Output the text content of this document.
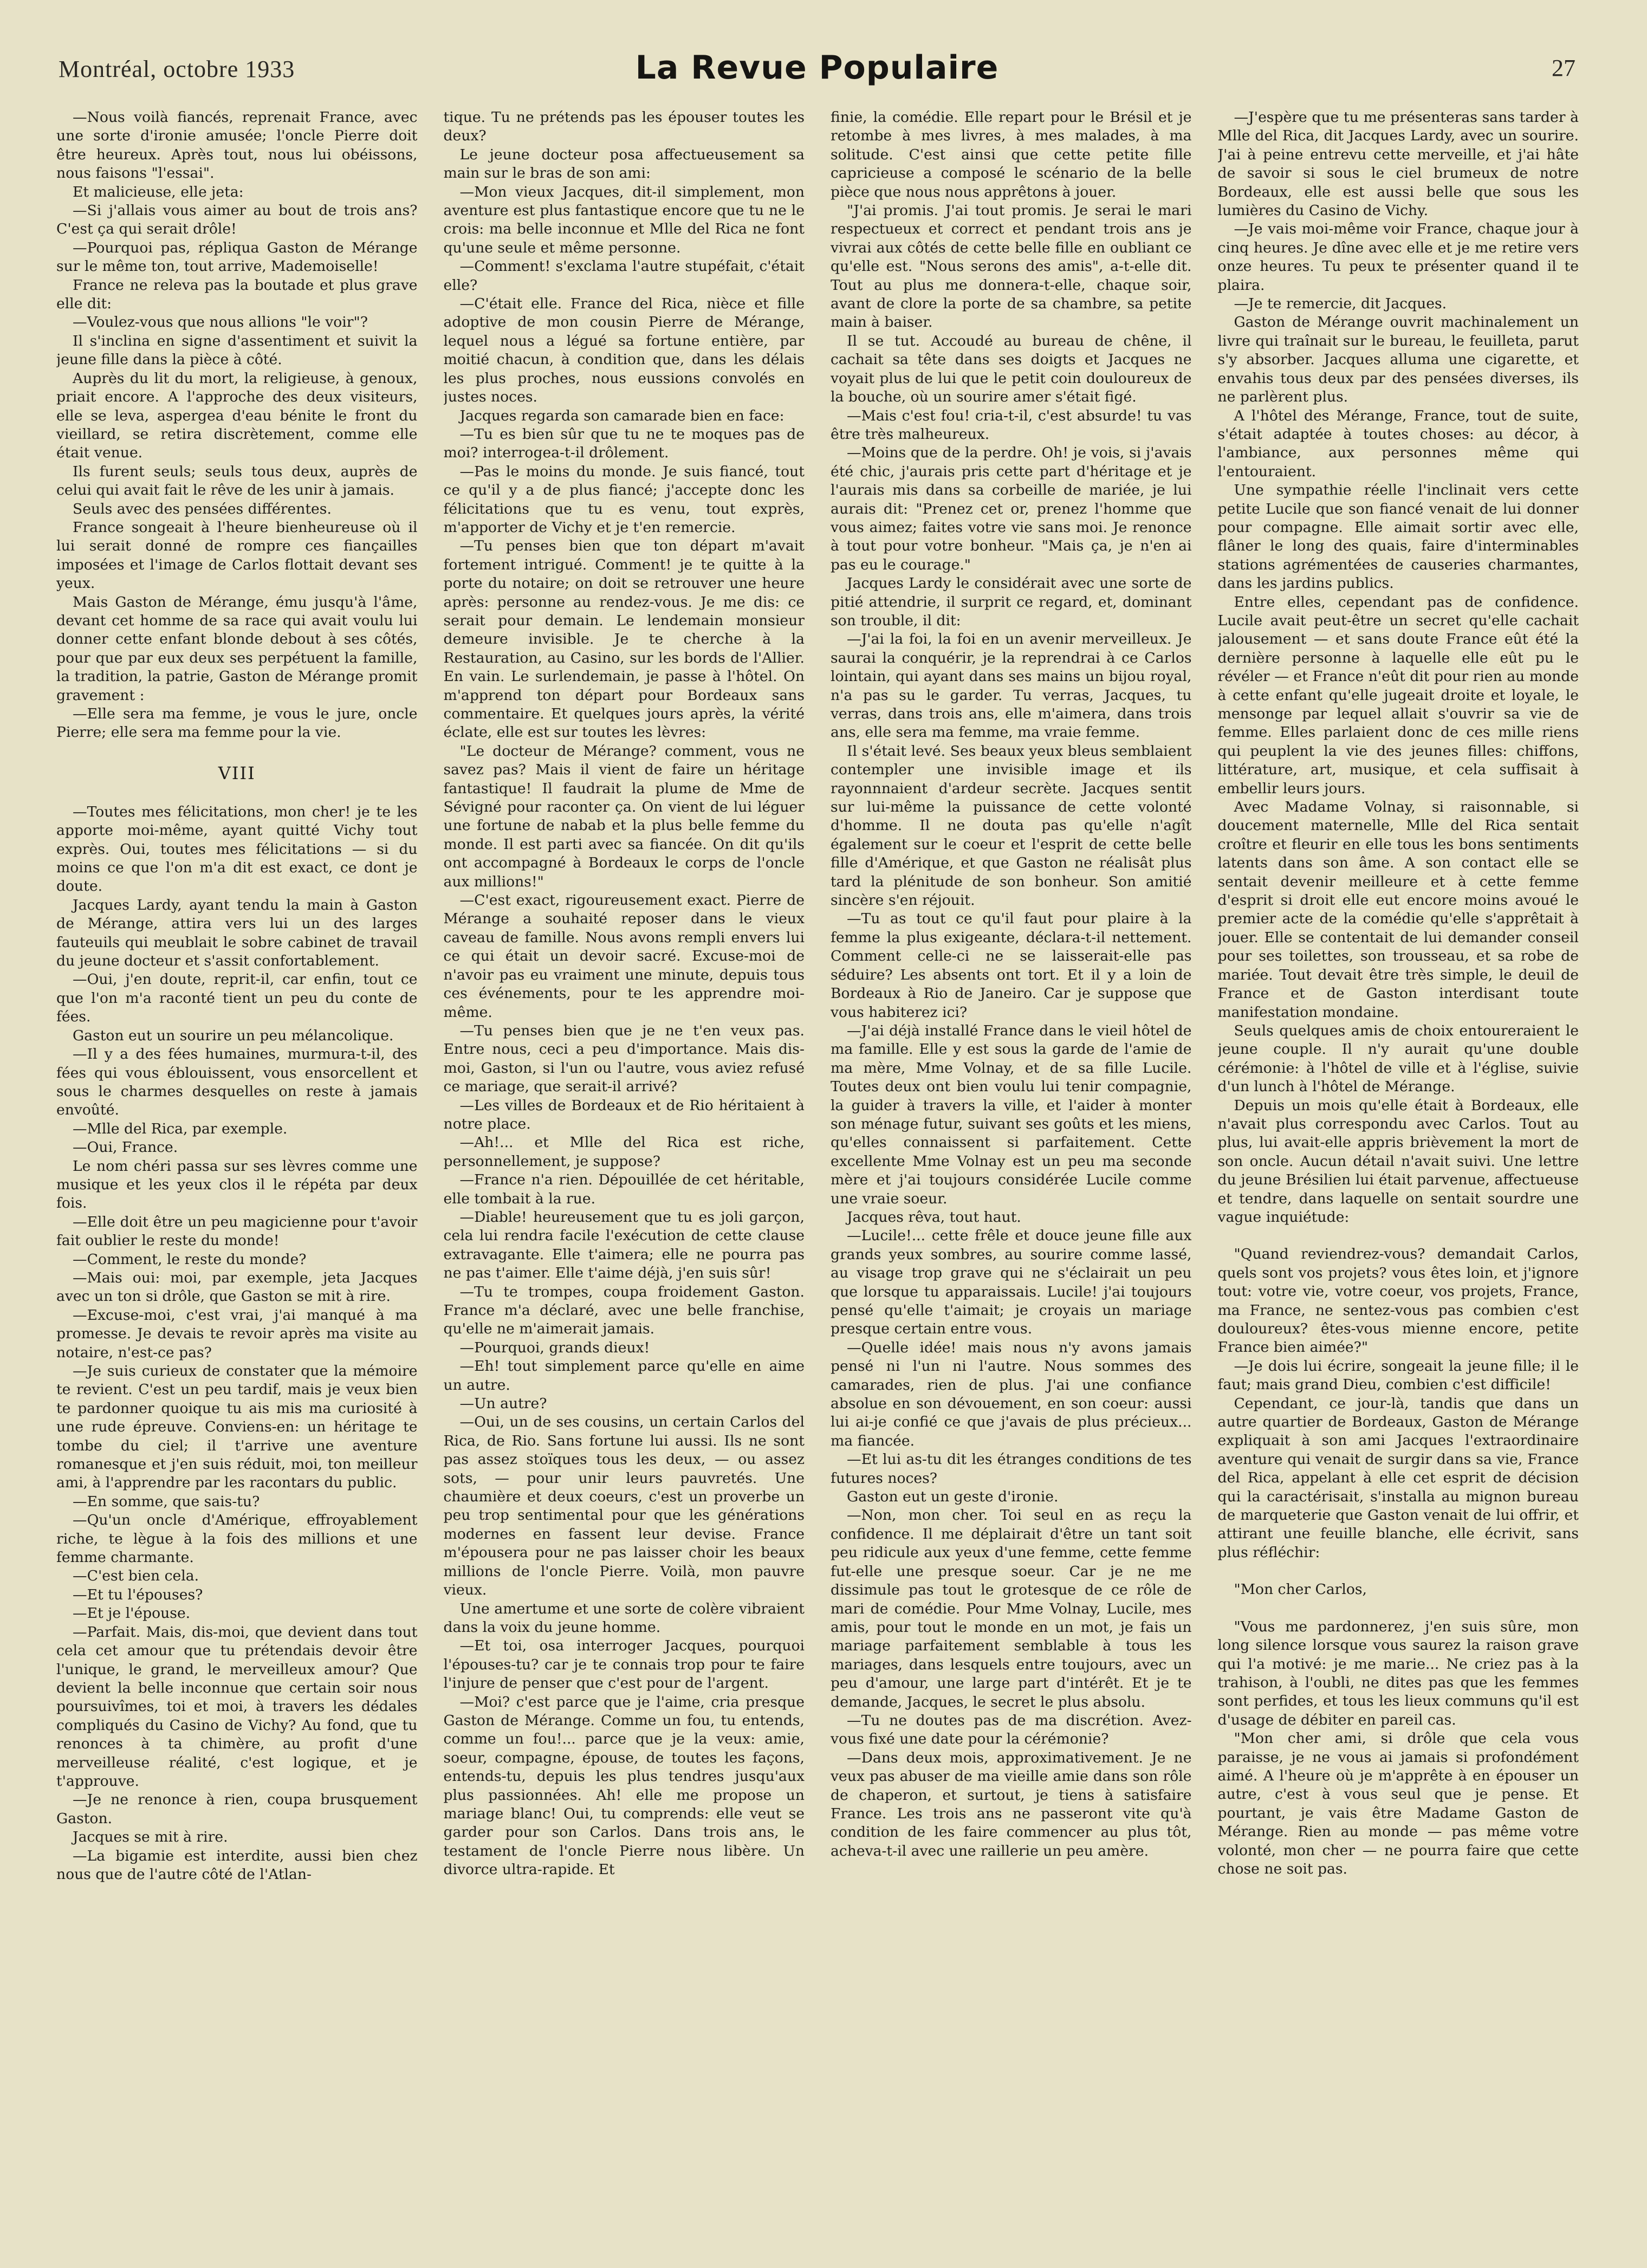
Montréal, octobre 1933	La Revue Populaire	27

—Nous voilà fiancés, reprenait France, avec une sorte d'ironie amusée; l'oncle Pierre doit être heureux. Après tout, nous lui obéissons, nous faisons "l'essai".

Et malicieuse, elle jeta:

—Si j'allais vous aimer au bout de trois ans? C'est ça qui serait drôle!

—Pourquoi pas, répliqua Gaston de Mérange sur le même ton, tout arrive, Mademoiselle!

France ne releva pas la boutade et plus grave elle dit:

—Voulez-vous que nous allions "le voir"?

Il s'inclina en signe d'assentiment et suivit la jeune fille dans la pièce à côté.

Auprès du lit du mort, la religieuse, à genoux, priait encore. A l'approche des deux visiteurs, elle se leva, aspergea d'eau bénite le front du vieillard, se retira discrètement, comme elle était venue.

Ils furent seuls; seuls tous deux, auprès de celui qui avait fait le rêve de les unir à jamais.

Seuls avec des pensées différentes.

France songeait à l'heure bienheureuse où il lui serait donné de rompre ces fiançailles imposées et l'image de Carlos flottait devant ses yeux.

Mais Gaston de Mérange, ému jusqu'à l'âme, devant cet homme de sa race qui avait voulu lui donner cette enfant blonde debout à ses côtés, pour que par eux deux ses perpétuent la famille, la tradition, la patrie, Gaston de Mérange promit gravement :

—Elle sera ma femme, je vous le jure, oncle Pierre; elle sera ma femme pour la vie.

VIII

—Toutes mes félicitations, mon cher! je te les apporte moi-même, ayant quitté Vichy tout exprès. Oui, toutes mes félicitations — si du moins ce que l'on m'a dit est exact, ce dont je doute.

Jacques Lardy, ayant tendu la main à Gaston de Mérange, attira vers lui un des larges fauteuils qui meublait le sobre cabinet de travail du jeune docteur et s'assit confortablement.

—Oui, j'en doute, reprit-il, car enfin, tout ce que l'on m'a raconté tient un peu du conte de fées.

Gaston eut un sourire un peu mélancolique.

—Il y a des fées humaines, murmura-t-il, des fées qui vous éblouissent, vous ensorcellent et sous le charmes desquelles on reste à jamais envoûté.

—Mlle del Rica, par exemple.

—Oui, France.

Le nom chéri passa sur ses lèvres comme une musique et les yeux clos il le répéta par deux fois.

—Elle doit être un peu magicienne pour t'avoir fait oublier le reste du monde!

—Comment, le reste du monde?

—Mais oui: moi, par exemple, jeta Jacques avec un ton si drôle, que Gaston se mit à rire.

—Excuse-moi, c'est vrai, j'ai manqué à ma promesse. Je devais te revoir après ma visite au notaire, n'est-ce pas?

—Je suis curieux de constater que la mémoire te revient. C'est un peu tardif, mais je veux bien te pardonner quoique tu ais mis ma curiosité à une rude épreuve. Conviens-en: un héritage te tombe du ciel; il t'arrive une aventure romanesque et j'en suis réduit, moi, ton meilleur ami, à l'apprendre par les racontars du public.

—En somme, que sais-tu?

—Qu'un oncle d'Amérique, effroyablement riche, te lègue à la fois des millions et une femme charmante.

—C'est bien cela.

—Et tu l'épouses?

—Et je l'épouse.

—Parfait. Mais, dis-moi, que devient dans tout cela cet amour que tu prétendais devoir être l'unique, le grand, le merveilleux amour? Que devient la belle inconnue que certain soir nous poursuivîmes, toi et moi, à travers les dédales compliqués du Casino de Vichy? Au fond, que tu renonces à ta chimère, au profit d'une merveilleuse réalité, c'est logique, et je t'approuve.

—Je ne renonce à rien, coupa brusquement Gaston.

Jacques se mit à rire.

—La bigamie est interdite, aussi bien chez nous que de l'autre côté de l'Atlan-

tique. Tu ne prétends pas les épouser toutes les deux?

Le jeune docteur posa affectueusement sa main sur le bras de son ami:

—Mon vieux Jacques, dit-il simplement, mon aventure est plus fantastique encore que tu ne le crois: ma belle inconnue et Mlle del Rica ne font qu'une seule et même personne.

—Comment! s'exclama l'autre stupéfait, c'était elle?

—C'était elle. France del Rica, nièce et fille adoptive de mon cousin Pierre de Mérange, lequel nous a légué sa fortune entière, par moitié chacun, à condition que, dans les délais les plus proches, nous eussions convolés en justes noces.

Jacques regarda son camarade bien en face:

—Tu es bien sûr que tu ne te moques pas de moi? interrogea-t-il drôlement.

—Pas le moins du monde. Je suis fiancé, tout ce qu'il y a de plus fiancé; j'accepte donc les félicitations que tu es venu, tout exprès, m'apporter de Vichy et je t'en remercie.

—Tu penses bien que ton départ m'avait fortement intrigué. Comment! je te quitte à la porte du notaire; on doit se retrouver une heure après: personne au rendez-vous. Je me dis: ce serait pour demain. Le lendemain monsieur demeure invisible. Je te cherche à la Restauration, au Casino, sur les bords de l'Allier. En vain. Le surlendemain, je passe à l'hôtel. On m'apprend ton départ pour Bordeaux sans commentaire. Et quelques jours après, la vérité éclate, elle est sur toutes les lèvres:

"Le docteur de Mérange? comment, vous ne savez pas? Mais il vient de faire un héritage fantastique! Il faudrait la plume de Mme de Sévigné pour raconter ça. On vient de lui léguer une fortune de nabab et la plus belle femme du monde. Il est parti avec sa fiancée. On dit qu'ils ont accompagné à Bordeaux le corps de l'oncle aux millions!"

—C'est exact, rigoureusement exact. Pierre de Mérange a souhaité reposer dans le vieux caveau de famille. Nous avons rempli envers lui ce qui était un devoir sacré. Excuse-moi de n'avoir pas eu vraiment une minute, depuis tous ces événements, pour te les apprendre moi-même.

—Tu penses bien que je ne t'en veux pas. Entre nous, ceci a peu d'importance. Mais dis-moi, Gaston, si l'un ou l'autre, vous aviez refusé ce mariage, que serait-il arrivé?

—Les villes de Bordeaux et de Rio héritaient à notre place.

—Ah!... et Mlle del Rica est riche, personnellement, je suppose?

—France n'a rien. Dépouillée de cet héritable, elle tombait à la rue.

—Diable! heureusement que tu es joli garçon, cela lui rendra facile l'exécution de cette clause extravagante. Elle t'aimera; elle ne pourra pas ne pas t'aimer. Elle t'aime déjà, j'en suis sûr!

—Tu te trompes, coupa froidement Gaston. France m'a déclaré, avec une belle franchise, qu'elle ne m'aimerait jamais.

—Pourquoi, grands dieux!

—Eh! tout simplement parce qu'elle en aime un autre.

—Un autre?

—Oui, un de ses cousins, un certain Carlos del Rica, de Rio. Sans fortune lui aussi. Ils ne sont pas assez stoïques tous les deux, — ou assez sots, — pour unir leurs pauvretés. Une chaumière et deux coeurs, c'est un proverbe un peu trop sentimental pour que les générations modernes en fassent leur devise. France m'épousera pour ne pas laisser choir les beaux millions de l'oncle Pierre. Voilà, mon pauvre vieux.

Une amertume et une sorte de colère vibraient dans la voix du jeune homme.

—Et toi, osa interroger Jacques, pourquoi l'épouses-tu? car je te connais trop pour te faire l'injure de penser que c'est pour de l'argent.

—Moi? c'est parce que je l'aime, cria presque Gaston de Mérange. Comme un fou, tu entends, comme un fou!... parce que je la veux: amie, soeur, compagne, épouse, de toutes les façons, entends-tu, depuis les plus tendres jusqu'aux plus passionnées. Ah! elle me propose un mariage blanc! Oui, tu comprends: elle veut se garder pour son Carlos. Dans trois ans, le testament de l'oncle Pierre nous libère. Un divorce ultra-rapide. Et

finie, la comédie. Elle repart pour le Brésil et je retombe à mes livres, à mes malades, à ma solitude. C'est ainsi que cette petite fille capricieuse a composé le scénario de la belle pièce que nous nous apprêtons à jouer.

"J'ai promis. J'ai tout promis. Je serai le mari respectueux et correct et pendant trois ans je vivrai aux côtés de cette belle fille en oubliant ce qu'elle est. "Nous serons des amis", a-t-elle dit. Tout au plus me donnera-t-elle, chaque soir, avant de clore la porte de sa chambre, sa petite main à baiser.

Il se tut. Accoudé au bureau de chêne, il cachait sa tête dans ses doigts et Jacques ne voyait plus de lui que le petit coin douloureux de la bouche, où un sourire amer s'était figé.

—Mais c'est fou! cria-t-il, c'est absurde! tu vas être très malheureux.

—Moins que de la perdre. Oh! je vois, si j'avais été chic, j'aurais pris cette part d'héritage et je l'aurais mis dans sa corbeille de mariée, je lui aurais dit: "Prenez cet or, prenez l'homme que vous aimez; faites votre vie sans moi. Je renonce à tout pour votre bonheur. "Mais ça, je n'en ai pas eu le courage."

Jacques Lardy le considérait avec une sorte de pitié attendrie, il surprit ce regard, et, dominant son trouble, il dit:

—J'ai la foi, la foi en un avenir merveilleux. Je saurai la conquérir, je la reprendrai à ce Carlos lointain, qui ayant dans ses mains un bijou royal, n'a pas su le garder. Tu verras, Jacques, tu verras, dans trois ans, elle m'aimera, dans trois ans, elle sera ma femme, ma vraie femme.

Il s'était levé. Ses beaux yeux bleus semblaient contempler une invisible image et ils rayonnnaient d'ardeur secrète. Jacques sentit sur lui-même la puissance de cette volonté d'homme. Il ne douta pas qu'elle n'agît également sur le coeur et l'esprit de cette belle fille d'Amérique, et que Gaston ne réalisât plus tard la plénitude de son bonheur. Son amitié sincère s'en réjouit.

—Tu as tout ce qu'il faut pour plaire à la femme la plus exigeante, déclara-t-il nettement. Comment celle-ci ne se laisserait-elle pas séduire? Les absents ont tort. Et il y a loin de Bordeaux à Rio de Janeiro. Car je suppose que vous habiterez ici?

—J'ai déjà installé France dans le vieil hôtel de ma famille. Elle y est sous la garde de l'amie de ma mère, Mme Volnay, et de sa fille Lucile. Toutes deux ont bien voulu lui tenir compagnie, la guider à travers la ville, et l'aider à monter son ménage futur, suivant ses goûts et les miens, qu'elles connaissent si parfaitement. Cette excellente Mme Volnay est un peu ma seconde mère et j'ai toujours considérée Lucile comme une vraie soeur.

Jacques rêva, tout haut.

—Lucile!... cette frêle et douce jeune fille aux grands yeux sombres, au sourire comme lassé, au visage trop grave qui ne s'éclairait un peu que lorsque tu apparaissais. Lucile! j'ai toujours pensé qu'elle t'aimait; je croyais un mariage presque certain entre vous.

—Quelle idée! mais nous n'y avons jamais pensé ni l'un ni l'autre. Nous sommes des camarades, rien de plus. J'ai une confiance absolue en son dévouement, en son coeur: aussi lui ai-je confié ce que j'avais de plus précieux... ma fiancée.

—Et lui as-tu dit les étranges conditions de tes futures noces?

Gaston eut un geste d'ironie.

—Non, mon cher. Toi seul en as reçu la confidence. Il me déplairait d'être un tant soit peu ridicule aux yeux d'une femme, cette femme fut-elle une presque soeur. Car je ne me dissimule pas tout le grotesque de ce rôle de mari de comédie. Pour Mme Volnay, Lucile, mes amis, pour tout le monde en un mot, je fais un mariage parfaitement semblable à tous les mariages, dans lesquels entre toujours, avec un peu d'amour, une large part d'intérêt. Et je te demande, Jacques, le secret le plus absolu.

—Tu ne doutes pas de ma discrétion. Avez-vous fixé une date pour la cérémonie?

—Dans deux mois, approximativement. Je ne veux pas abuser de ma vieille amie dans son rôle de chaperon, et surtout, je tiens à satisfaire France. Les trois ans ne passeront vite qu'à condition de les faire commencer au plus tôt, acheva-t-il avec une raillerie un peu amère.

—J'espère que tu me présenteras sans tarder à Mlle del Rica, dit Jacques Lardy, avec un sourire. J'ai à peine entrevu cette merveille, et j'ai hâte de savoir si sous le ciel brumeux de notre Bordeaux, elle est aussi belle que sous les lumières du Casino de Vichy.

—Je vais moi-même voir France, chaque jour à cinq heures. Je dîne avec elle et je me retire vers onze heures. Tu peux te présenter quand il te plaira.

—Je te remercie, dit Jacques.

Gaston de Mérange ouvrit machinalement un livre qui traînait sur le bureau, le feuilleta, parut s'y absorber. Jacques alluma une cigarette, et envahis tous deux par des pensées diverses, ils ne parlèrent plus.

A l'hôtel des Mérange, France, tout de suite, s'était adaptée à toutes choses: au décor, à l'ambiance, aux personnes même qui l'entouraient.

Une sympathie réelle l'inclinait vers cette petite Lucile que son fiancé venait de lui donner pour compagne. Elle aimait sortir avec elle, flâner le long des quais, faire d'interminables stations agrémentées de causeries charmantes, dans les jardins publics.

Entre elles, cependant pas de confidence. Lucile avait peut-être un secret qu'elle cachait jalousement — et sans doute France eût été la dernière personne à laquelle elle eût pu le révéler — et France n'eût dit pour rien au monde à cette enfant qu'elle jugeait droite et loyale, le mensonge par lequel allait s'ouvrir sa vie de femme. Elles parlaient donc de ces mille riens qui peuplent la vie des jeunes filles: chiffons, littérature, art, musique, et cela suffisait à embellir leurs jours.

Avec Madame Volnay, si raisonnable, si doucement maternelle, Mlle del Rica sentait croître et fleurir en elle tous les bons sentiments latents dans son âme. A son contact elle se sentait devenir meilleure et à cette femme d'esprit si droit elle eut encore moins avoué le premier acte de la comédie qu'elle s'apprêtait à jouer. Elle se contentait de lui demander conseil pour ses toilettes, son trousseau, et sa robe de mariée. Tout devait être très simple, le deuil de France et de Gaston interdisant toute manifestation mondaine.

Seuls quelques amis de choix entoureraient le jeune couple. Il n'y aurait qu'une double cérémonie: à l'hôtel de ville et à l'église, suivie d'un lunch à l'hôtel de Mérange.

Depuis un mois qu'elle était à Bordeaux, elle n'avait plus correspondu avec Carlos. Tout au plus, lui avait-elle appris brièvement la mort de son oncle. Aucun détail n'avait suivi. Une lettre du jeune Brésilien lui était parvenue, affectueuse et tendre, dans laquelle on sentait sourdre une vague inquiétude:

"Quand reviendrez-vous? demandait Carlos, quels sont vos projets? vous êtes loin, et j'ignore tout: votre vie, votre coeur, vos projets, France, ma France, ne sentez-vous pas combien c'est douloureux? êtes-vous mienne encore, petite France bien aimée?"

—Je dois lui écrire, songeait la jeune fille; il le faut; mais grand Dieu, combien c'est difficile!

Cependant, ce jour-là, tandis que dans un autre quartier de Bordeaux, Gaston de Mérange expliquait à son ami Jacques l'extraordinaire aventure qui venait de surgir dans sa vie, France del Rica, appelant à elle cet esprit de décision qui la caractérisait, s'installa au mignon bureau de marqueterie que Gaston venait de lui offrir, et attirant une feuille blanche, elle écrivit, sans plus réfléchir:

"Mon cher Carlos,

"Vous me pardonnerez, j'en suis sûre, mon long silence lorsque vous saurez la raison grave qui l'a motivé: je me marie... Ne criez pas à la trahison, à l'oubli, ne dites pas que les femmes sont perfides, et tous les lieux communs qu'il est d'usage de débiter en pareil cas.

"Mon cher ami, si drôle que cela vous paraisse, je ne vous ai jamais si profondément aimé. A l'heure où je m'apprête à en épouser un autre, c'est à vous seul que je pense. Et pourtant, je vais être Madame Gaston de Mérange. Rien au monde — pas même votre volonté, mon cher — ne pourra faire que cette chose ne soit pas.
